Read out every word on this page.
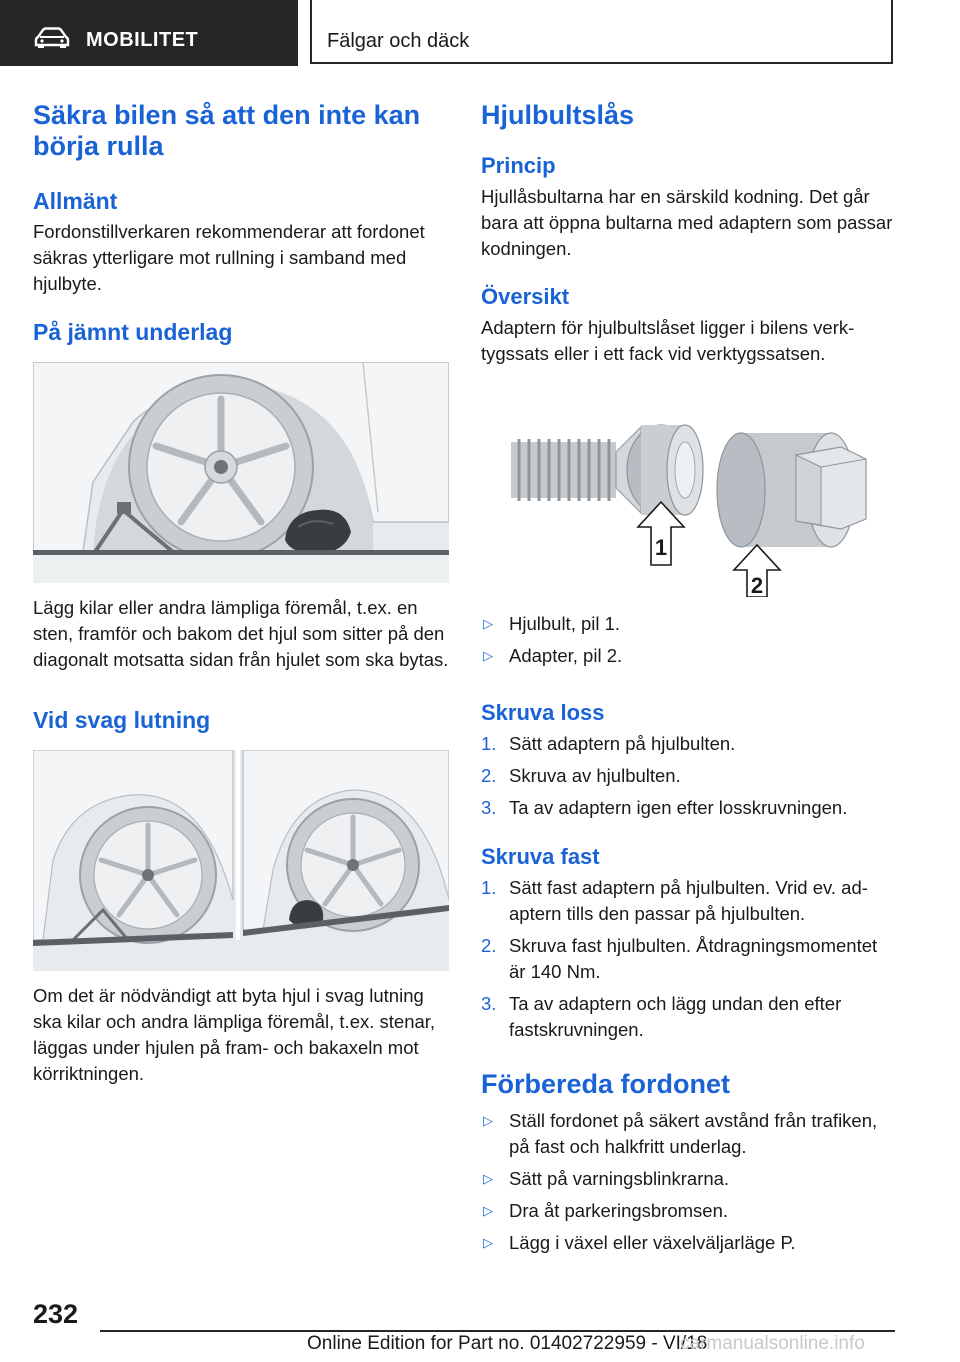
MOBILITET	Fälgar och däck
Säkra bilen så att den inte kan börja rulla
Allmänt

Fordonstillverkaren rekommenderar att fordonet säkras ytterligare mot rullning i samband med hjulbyte.

På jämnt underlag

Lägg kilar eller andra lämpliga föremål, t.ex. en sten, framför och bakom det hjul som sitter på den diagonalt motsatta sidan från hjulet som ska bytas.

Vid svag lutning

Om det är nödvändigt att byta hjul i svag lutning ska kilar och andra lämpliga föremål, t.ex. stenar, läggas under hjulen på fram- och bakaxeln mot körriktningen.

Hjulbultslås
Princip

Hjullåsbultarna har en särskild kodning. Det går bara att öppna bultarna med adaptern som passar kodningen.

Översikt

Adaptern för hjulbultslåset ligger i bilens verktygssats eller i ett fack vid verktygssatsen.

1
2
▷ Hjulbult, pil 1.
▷ Adapter, pil 2.
Skruva loss
1. Sätt adaptern på hjulbulten.
2. Skruva av hjulbulten.
3. Ta av adaptern igen efter losskruvningen.
Skruva fast
1. Sätt fast adaptern på hjulbulten. Vrid ev. adaptern tills den passar på hjulbulten.
2. Skruva fast hjulbulten. Åtdragningsmomentet är 140 Nm.
3. Ta av adaptern och lägg undan den efter fastskruvningen.
Förbereda fordonet
▷ Ställ fordonet på säkert avstånd från trafiken, på fast och halkfritt underlag.
▷ Sätt på varningsblinkrarna.
▷ Dra åt parkeringsbromsen.
▷ Lägg i växel eller växelväljarläge P.
232
Online Edition for Part no. 01402722959 - VI/18
carmanualsonline.info
